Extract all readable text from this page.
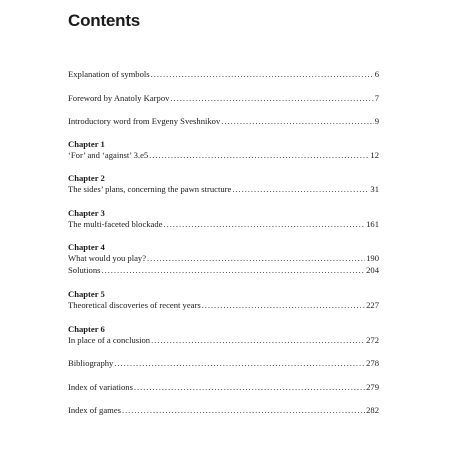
Contents
Explanation of symbols . . .	6
Foreword by Anatoly Karpov . . .	7
Introductory word from Evgeny Sveshnikov . . .	9
Chapter 1
‘For’ and ‘against’ 3.e5 . . .	12
Chapter 2
The sides’ plans, concerning the pawn structure . . .	31
Chapter 3
The multi-faceted blockade . . .	161
Chapter 4
What would you play? . . .	190
Solutions . . .	204
Chapter 5
Theoretical discoveries of recent years . . .	227
Chapter 6
In place of a conclusion . . .	272
Bibliography . . .	278
Index of variations . . .	279
Index of games . . .	282
